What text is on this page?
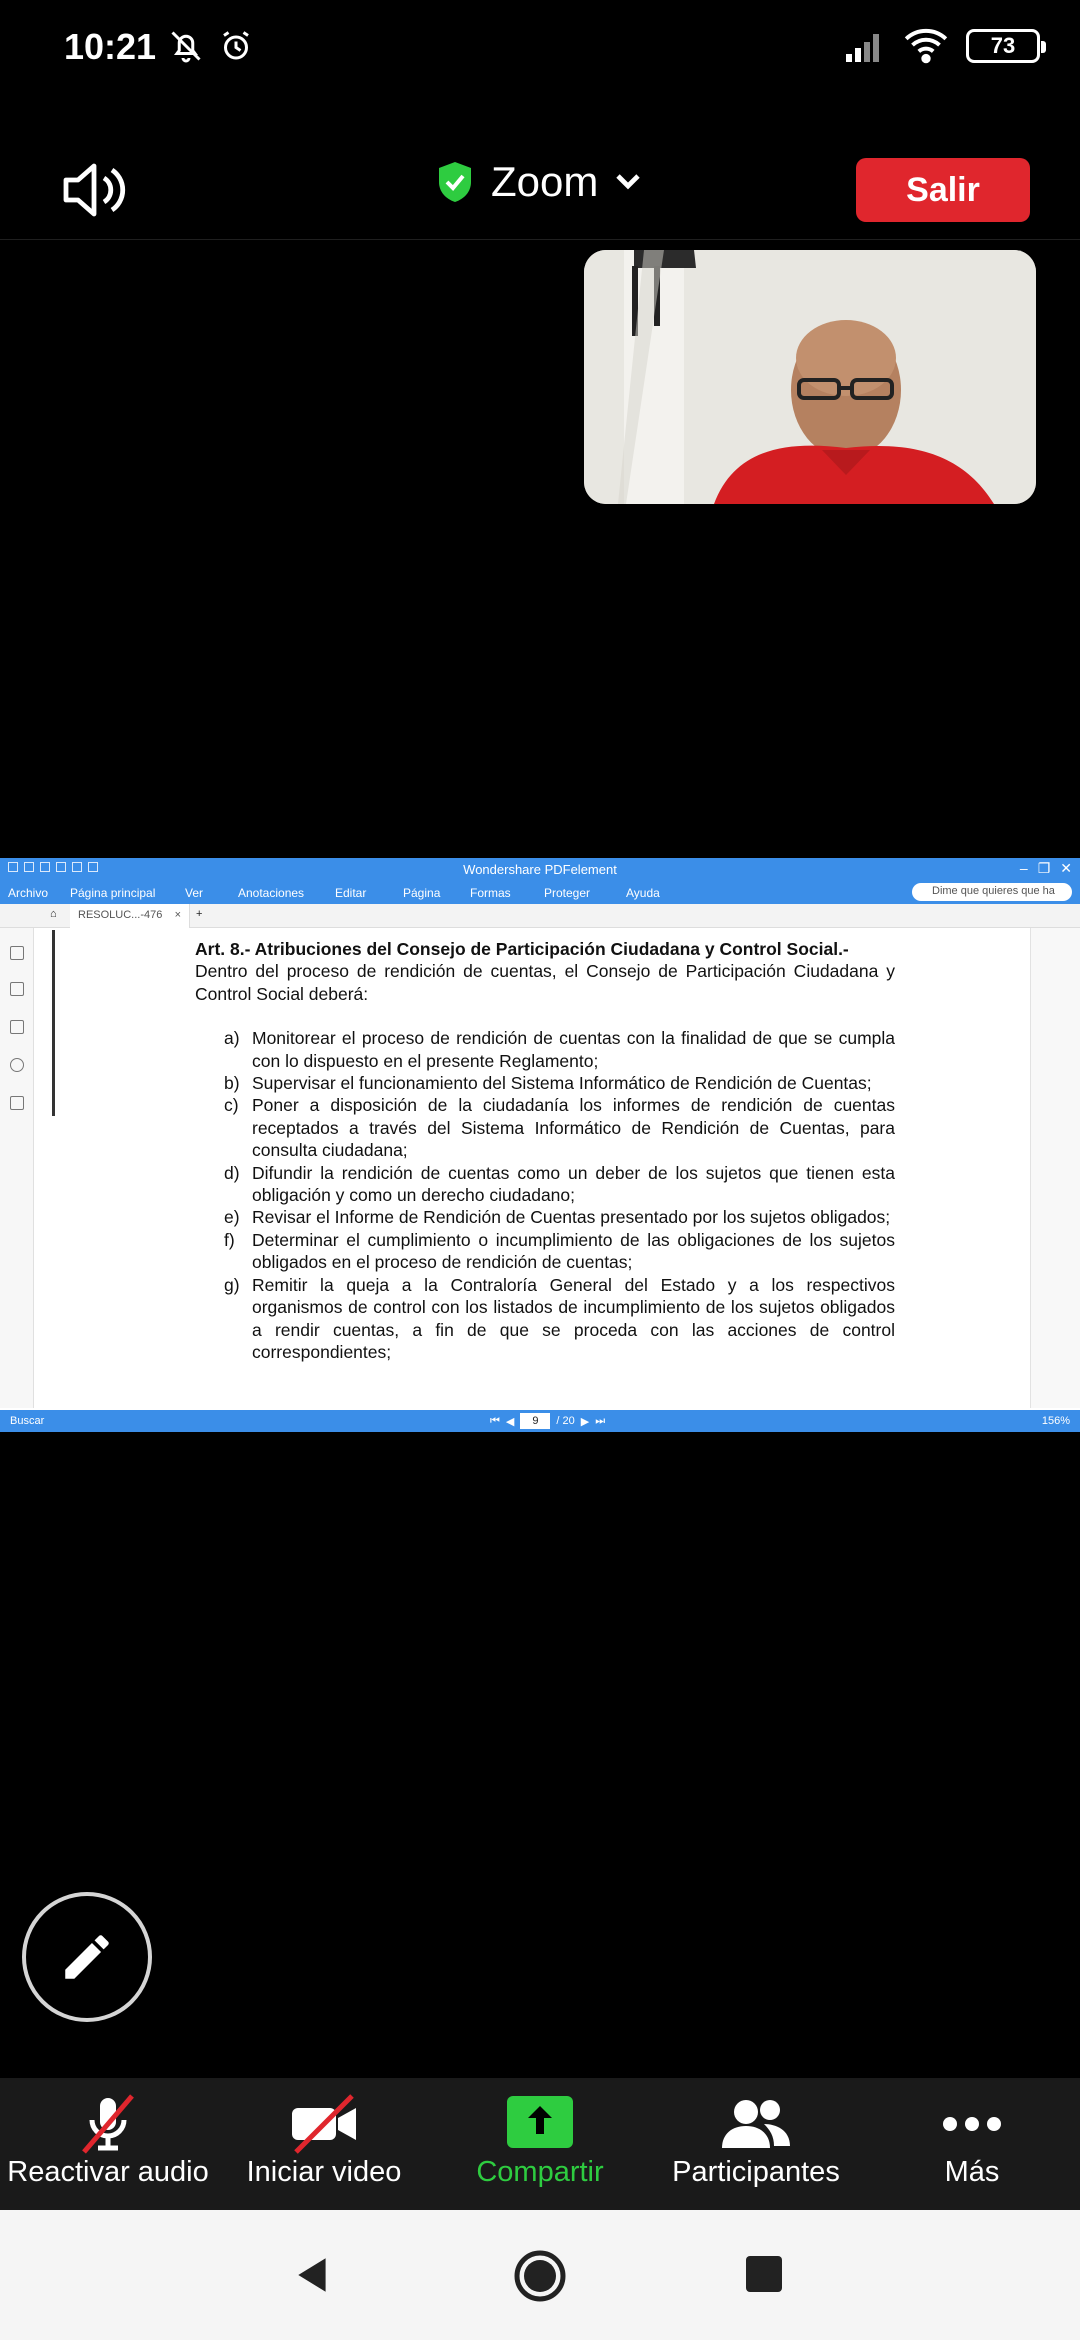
10:21	73
Zoom	Salir
Wondershare PDFelement	– ❐ ✕
Archivo Página principal Ver	Anotaciones	Editar	Página Formas	Proteger	Ayuda	Dime que quieres que ha
⌂	RESOLUC...-476 × +
Art. 8.- Atribuciones del Consejo de Participación Ciudadana y Control Social.-
Dentro del proceso de rendición de cuentas, el Consejo de Participación Ciudadana y Control Social deberá:
a) Monitorear el proceso de rendición de cuentas con la finalidad de que se cumpla con lo dispuesto en el presente Reglamento;
b) Supervisar el funcionamiento del Sistema Informático de Rendición de Cuentas;
c) Poner a disposición de la ciudadanía los informes de rendición de cuentas receptados a través del Sistema Informático de Rendición de Cuentas, para consulta ciudadana;
d) Difundir la rendición de cuentas como un deber de los sujetos que tienen esta obligación y como un derecho ciudadano;
e) Revisar el Informe de Rendición de Cuentas presentado por los sujetos obligados;
f) Determinar el cumplimiento o incumplimiento de las obligaciones de los sujetos obligados en el proceso de rendición de cuentas;
g) Remitir la queja a la Contraloría General del Estado y a los respectivos organismos de control con los listados de incumplimiento de los sujetos obligados a rendir cuentas, a fin de que se proceda con las acciones de control correspondientes;
Buscar	⏮ ◀	9	/ 20 ▶ ⏭	156%
Reactivar audio	Iniciar video	Compartir	Participantes	Más
